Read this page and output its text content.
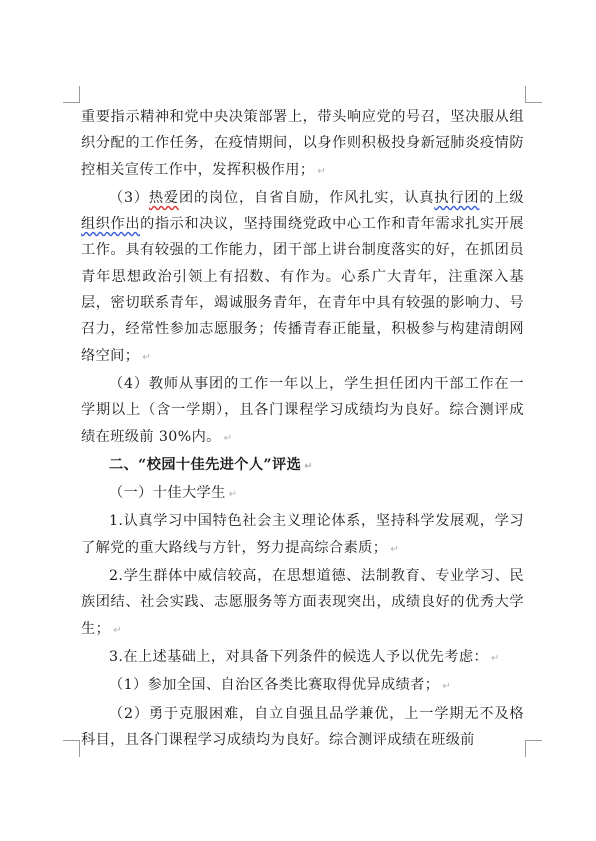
重要指示精神和党中央决策部署上，带头响应党的号召，坚决服从组织分配的工作任务，在疫情期间，以身作则积极投身新冠肺炎疫情防控相关宣传工作中，发挥积极作用； ↵

（3）热爱团的岗位，自省自励，作风扎实，认真执行团的上级组织作出的指示和决议，坚持围绕党政中心工作和青年需求扎实开展工作。具有较强的工作能力，团干部上讲台制度落实的好，在抓团员青年思想政治引领上有招数、有作为。心系广大青年，注重深入基层，密切联系青年，竭诚服务青年，在青年中具有较强的影响力、号召力，经常性参加志愿服务；传播青春正能量，积极参与构建清朗网络空间； ↵

（4）教师从事团的工作一年以上，学生担任团内干部工作在一学期以上（含一学期），且各门课程学习成绩均为良好。综合测评成绩在班级前 30%内。 ↵

二、“校园十佳先进个人”评选 ↵

（一）十佳大学生 ↵

1.认真学习中国特色社会主义理论体系，坚持科学发展观，学习了解党的重大路线与方针，努力提高综合素质； ↵

2.学生群体中威信较高，在思想道德、法制教育、专业学习、民族团结、社会实践、志愿服务等方面表现突出，成绩良好的优秀大学生； ↵

3.在上述基础上，对具备下列条件的候选人予以优先考虑： ↵

（1）参加全国、自治区各类比赛取得优异成绩者； ↵

（2）勇于克服困难，自立自强且品学兼优，上一学期无不及格科目，且各门课程学习成绩均为良好。综合测评成绩在班级前
